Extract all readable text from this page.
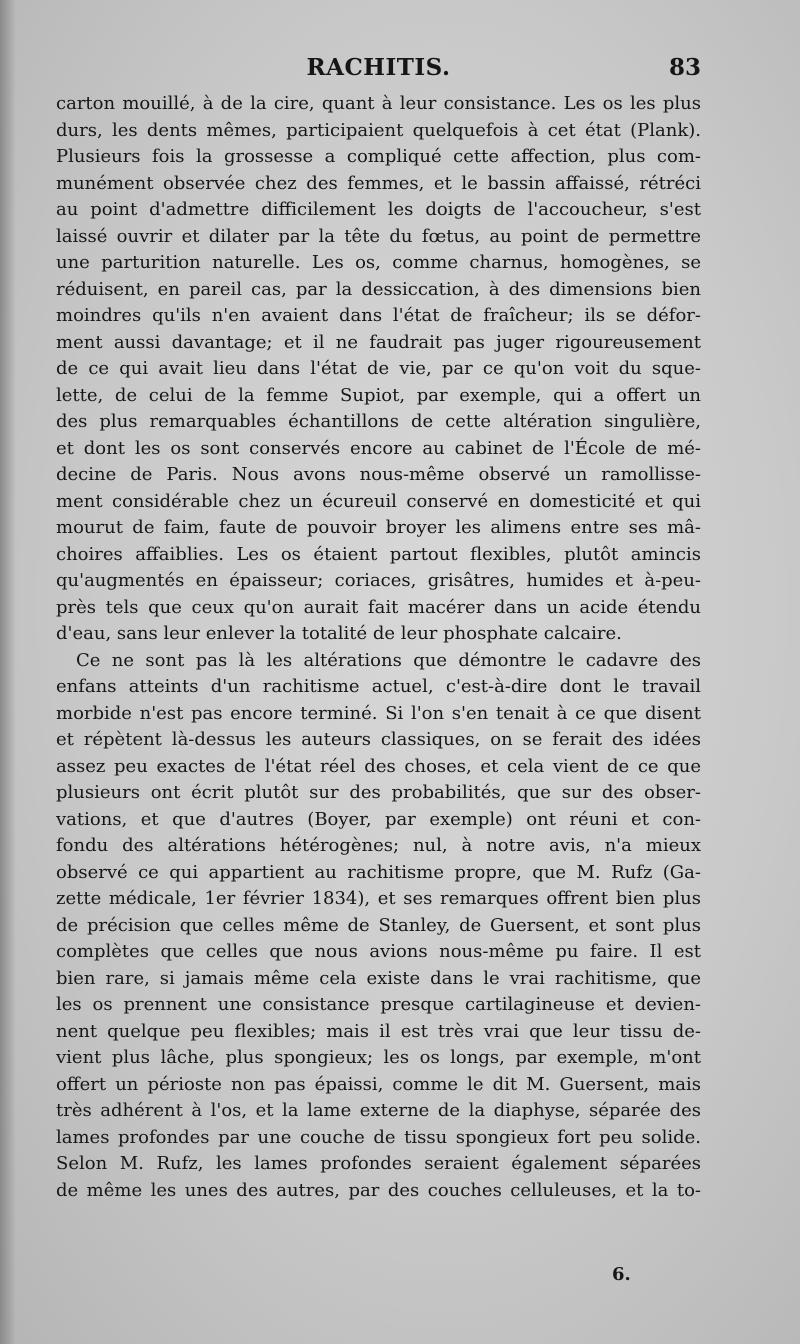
RACHITIS.	83
carton mouillé, à de la cire, quant à leur consistance. Les os les plus
durs, les dents mêmes, participaient quelquefois à cet état (Plank).
Plusieurs fois la grossesse a compliqué cette affection, plus com-
munément observée chez des femmes, et le bassin affaissé, rétréci
au point d'admettre difficilement les doigts de l'accoucheur, s'est
laissé ouvrir et dilater par la tête du fœtus, au point de permettre
une parturition naturelle. Les os, comme charnus, homogènes, se
réduisent, en pareil cas, par la dessiccation, à des dimensions bien
moindres qu'ils n'en avaient dans l'état de fraîcheur; ils se défor-
ment aussi davantage; et il ne faudrait pas juger rigoureusement
de ce qui avait lieu dans l'état de vie, par ce qu'on voit du sque-
lette, de celui de la femme Supiot, par exemple, qui a offert un
des plus remarquables échantillons de cette altération singulière,
et dont les os sont conservés encore au cabinet de l'École de mé-
decine de Paris. Nous avons nous-même observé un ramollisse-
ment considérable chez un écureuil conservé en domesticité et qui
mourut de faim, faute de pouvoir broyer les alimens entre ses mâ-
choires affaiblies. Les os étaient partout flexibles, plutôt amincis
qu'augmentés en épaisseur; coriaces, grisâtres, humides et à-peu-
près tels que ceux qu'on aurait fait macérer dans un acide étendu
d'eau, sans leur enlever la totalité de leur phosphate calcaire.
Ce ne sont pas là les altérations que démontre le cadavre des
enfans atteints d'un rachitisme actuel, c'est-à-dire dont le travail
morbide n'est pas encore terminé. Si l'on s'en tenait à ce que disent
et répètent là-dessus les auteurs classiques, on se ferait des idées
assez peu exactes de l'état réel des choses, et cela vient de ce que
plusieurs ont écrit plutôt sur des probabilités, que sur des obser-
vations, et que d'autres (Boyer, par exemple) ont réuni et con-
fondu des altérations hétérogènes; nul, à notre avis, n'a mieux
observé ce qui appartient au rachitisme propre, que M. Rufz (Ga-
zette médicale, 1er février 1834), et ses remarques offrent bien plus
de précision que celles même de Stanley, de Guersent, et sont plus
complètes que celles que nous avions nous-même pu faire. Il est
bien rare, si jamais même cela existe dans le vrai rachitisme, que
les os prennent une consistance presque cartilagineuse et devien-
nent quelque peu flexibles; mais il est très vrai que leur tissu de-
vient plus lâche, plus spongieux; les os longs, par exemple, m'ont
offert un périoste non pas épaissi, comme le dit M. Guersent, mais
très adhérent à l'os, et la lame externe de la diaphyse, séparée des
lames profondes par une couche de tissu spongieux fort peu solide.
Selon M. Rufz, les lames profondes seraient également séparées
de même les unes des autres, par des couches celluleuses, et la to-
6.
